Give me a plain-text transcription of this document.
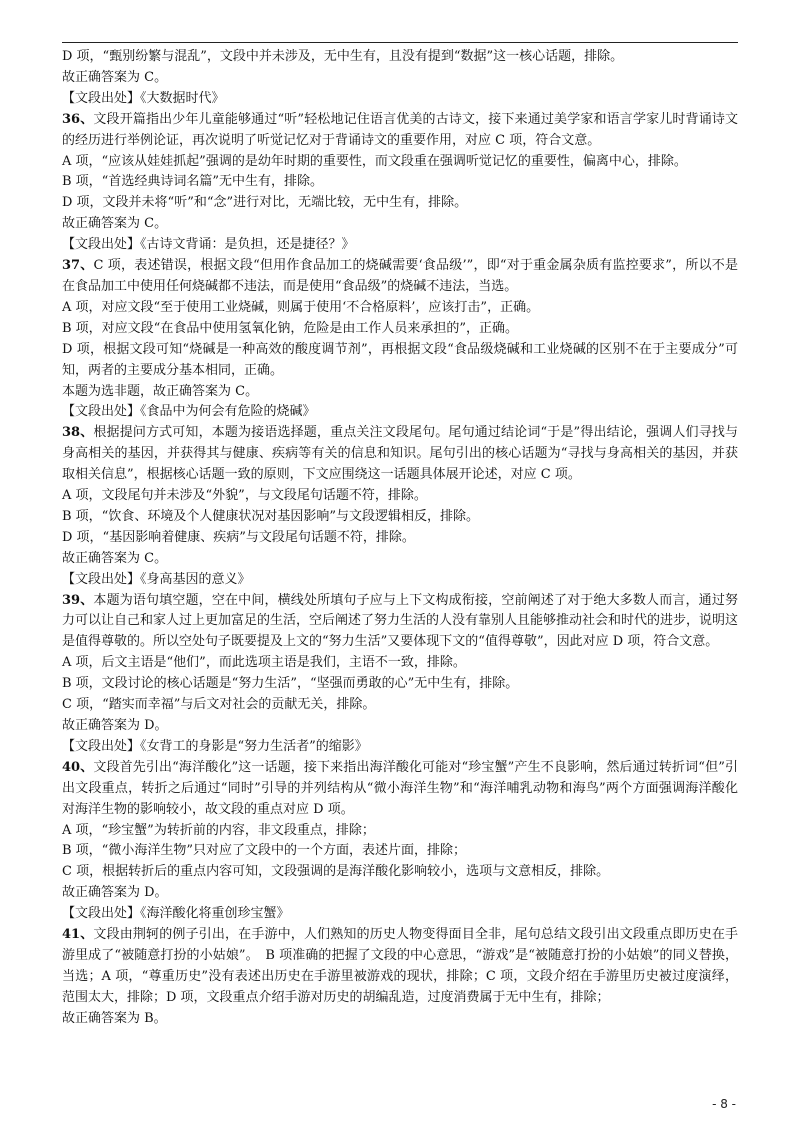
D 项，“甄别纷繁与混乱”，文段中并未涉及，无中生有，且没有提到“数据”这一核心话题，排除。

故正确答案为 C。

【文段出处】《大数据时代》

36、文段开篇指出少年儿童能够通过“听”轻松地记住语言优美的古诗文，接下来通过美学家和语言学家儿时背诵诗文的经历进行举例论证，再次说明了听觉记忆对于背诵诗文的重要作用，对应 C 项，符合文意。

A 项，“应该从娃娃抓起”强调的是幼年时期的重要性，而文段重在强调听觉记忆的重要性，偏离中心，排除。

B 项，“首选经典诗词名篇”无中生有，排除。

D 项，文段并未将“听”和“念”进行对比，无端比较，无中生有，排除。

故正确答案为 C。

【文段出处】《古诗文背诵：是负担，还是捷径？》

37、C 项，表述错误，根据文段“但用作食品加工的烧碱需要‘食品级’”，即“对于重金属杂质有监控要求”，所以不是在食品加工中使用任何烧碱都不违法，而是使用“食品级”的烧碱不违法，当选。

A 项，对应文段“至于使用工业烧碱，则属于使用‘不合格原料’，应该打击”，正确。

B 项，对应文段“在食品中使用氢氧化钠，危险是由工作人员来承担的”，正确。

D 项，根据文段可知“烧碱是一种高效的酸度调节剂”，再根据文段“食品级烧碱和工业烧碱的区别不在于主要成分”可知，两者的主要成分基本相同，正确。

本题为选非题，故正确答案为 C。

【文段出处】《食品中为何会有危险的烧碱》

38、根据提问方式可知，本题为接语选择题，重点关注文段尾句。尾句通过结论词“于是”得出结论，强调人们寻找与身高相关的基因，并获得其与健康、疾病等有关的信息和知识。尾句引出的核心话题为“寻找与身高相关的基因，并获取相关信息”，根据核心话题一致的原则，下文应围绕这一话题具体展开论述，对应 C 项。

A 项，文段尾句并未涉及“外貌”，与文段尾句话题不符，排除。

B 项，“饮食、环境及个人健康状况对基因影响”与文段逻辑相反，排除。

D 项，“基因影响着健康、疾病”与文段尾句话题不符，排除。

故正确答案为 C。

【文段出处】《身高基因的意义》

39、本题为语句填空题，空在中间，横线处所填句子应与上下文构成衔接，空前阐述了对于绝大多数人而言，通过努力可以让自己和家人过上更加富足的生活，空后阐述了努力生活的人没有靠别人且能够推动社会和时代的进步，说明这是值得尊敬的。所以空处句子既要提及上文的“努力生活”又要体现下文的“值得尊敬”，因此对应 D 项，符合文意。

A 项，后文主语是“他们”，而此选项主语是我们，主语不一致，排除。

B 项，文段讨论的核心话题是“努力生活”，“坚强而勇敢的心”无中生有，排除。

C 项，“踏实而幸福”与后文对社会的贡献无关，排除。

故正确答案为 D。

【文段出处】《女背工的身影是“努力生活者”的缩影》

40、文段首先引出“海洋酸化”这一话题，接下来指出海洋酸化可能对“珍宝蟹”产生不良影响，然后通过转折词“但”引出文段重点，转折之后通过“同时”引导的并列结构从“微小海洋生物”和“海洋哺乳动物和海鸟”两个方面强调海洋酸化对海洋生物的影响较小，故文段的重点对应 D 项。

A 项，“珍宝蟹”为转折前的内容，非文段重点，排除；

B 项，“微小海洋生物”只对应了文段中的一个方面，表述片面，排除；

C 项，根据转折后的重点内容可知，文段强调的是海洋酸化影响较小，选项与文意相反，排除。

故正确答案为 D。

【文段出处】《海洋酸化将重创珍宝蟹》

41、文段由荆轲的例子引出，在手游中，人们熟知的历史人物变得面目全非，尾句总结文段引出文段重点即历史在手游里成了“被随意打扮的小姑娘”。　B 项准确的把握了文段的中心意思，“游戏”是“被随意打扮的小姑娘”的同义替换，当选；A 项，“尊重历史”没有表述出历史在手游里被游戏的现状，排除；C 项，文段介绍在手游里历史被过度演绎，范围太大，排除；D 项，文段重点介绍手游对历史的胡编乱造，过度消费属于无中生有，排除；

故正确答案为 B。

- 8 -
